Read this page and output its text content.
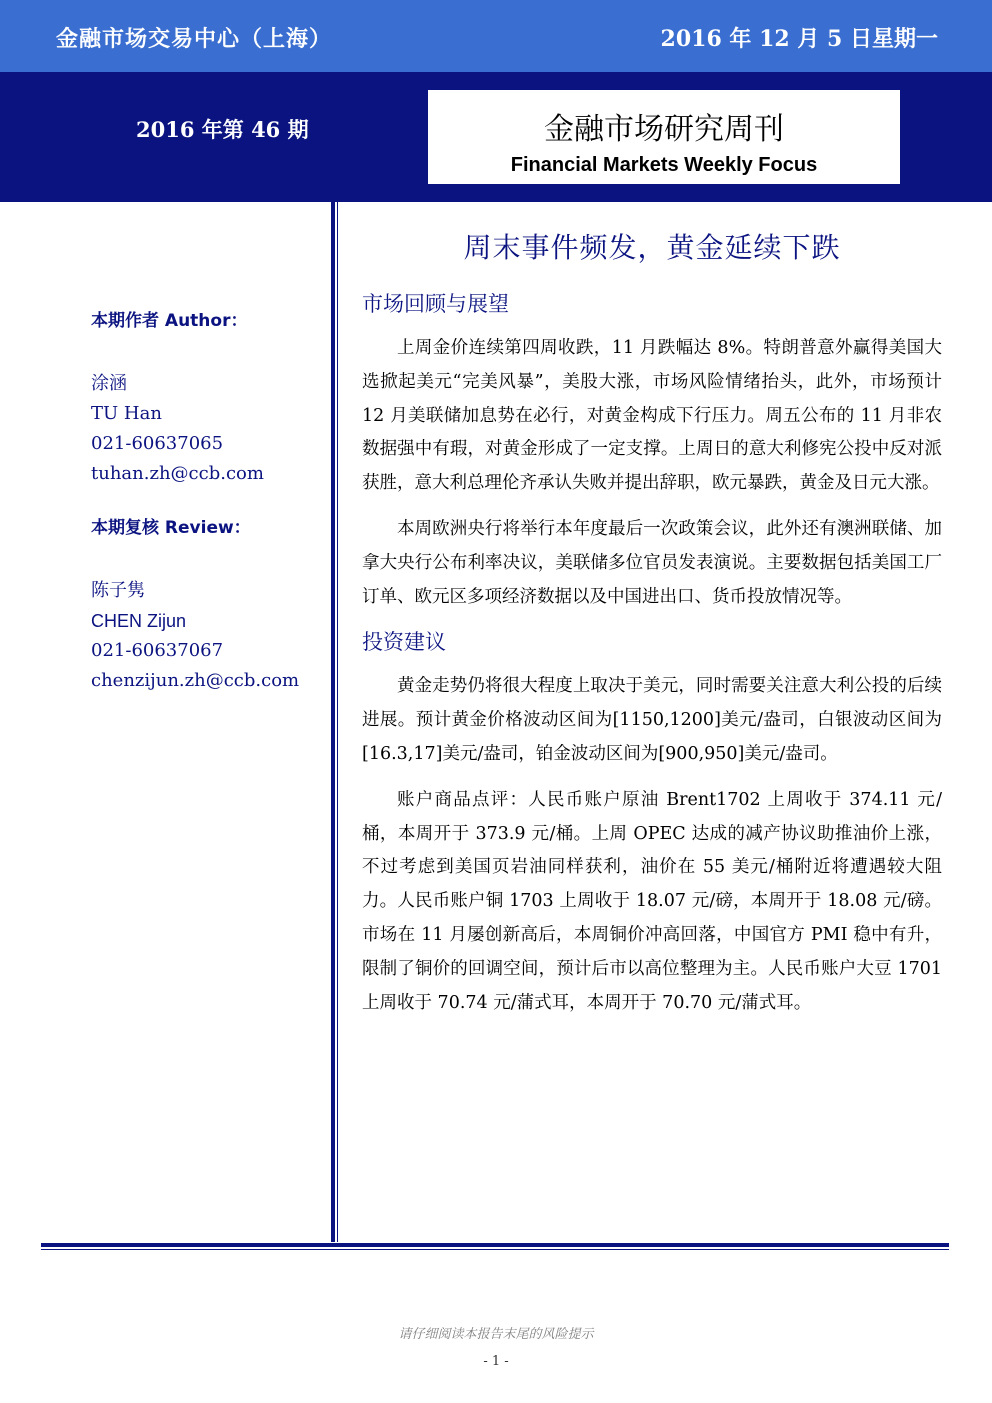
金融市场交易中心（上海）	2016 年 12 月 5 日星期一
2016 年第 46 期	金融市场研究周刊
Financial Markets Weekly Focus
本期作者 Author：
涂涵
TU Han
021-60637065
tuhan.zh@ccb.com
本期复核 Review：
陈子隽
CHEN Zijun
021-60637067
chenzijun.zh@ccb.com
周末事件频发，黄金延续下跌
市场回顾与展望

上周金价连续第四周收跌，11 月跌幅达 8%。特朗普意外赢得美国大选掀起美元“完美风暴”，美股大涨，市场风险情绪抬头，此外，市场预计 12 月美联储加息势在必行，对黄金构成下行压力。周五公布的 11 月非农数据强中有瑕，对黄金形成了一定支撑。上周日的意大利修宪公投中反对派获胜，意大利总理伦齐承认失败并提出辞职，欧元暴跌，黄金及日元大涨。

本周欧洲央行将举行本年度最后一次政策会议，此外还有澳洲联储、加拿大央行公布利率决议，美联储多位官员发表演说。主要数据包括美国工厂订单、欧元区多项经济数据以及中国进出口、货币投放情况等。

投资建议

黄金走势仍将很大程度上取决于美元，同时需要关注意大利公投的后续进展。预计黄金价格波动区间为[1150,1200]美元/盎司，白银波动区间为[16.3,17]美元/盎司，铂金波动区间为[900,950]美元/盎司。

账户商品点评：人民币账户原油 Brent1702 上周收于 374.11 元/桶，本周开于 373.9 元/桶。上周 OPEC 达成的减产协议助推油价上涨，不过考虑到美国页岩油同样获利，油价在 55 美元/桶附近将遭遇较大阻力。人民币账户铜 1703 上周收于 18.07 元/磅，本周开于 18.08 元/磅。市场在 11 月屡创新高后，本周铜价冲高回落，中国官方 PMI 稳中有升，限制了铜价的回调空间，预计后市以高位整理为主。人民币账户大豆 1701 上周收于 70.74 元/蒲式耳，本周开于 70.70 元/蒲式耳。

请仔细阅读本报告末尾的风险提示
- 1 -
